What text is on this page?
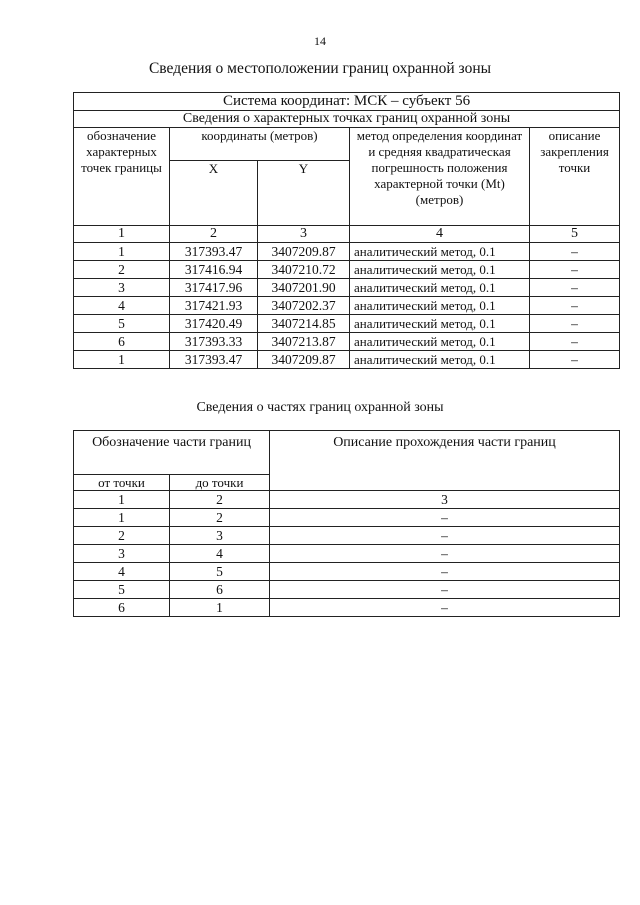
14
Сведения о местоположении границ охранной зоны
Система координат: МСК – субъект 56				
Сведения о характерных точках границ охранной зоны				
обозначение характерных точек границы	координаты (метров)		метод определения координат и средняя квадратическая погрешность положения характерной точки (Mt) (метров)	описание закрепления точки
	X	Y		
1	2	3	4	5
1	317393.47	3407209.87	аналитический метод, 0.1	–
2	317416.94	3407210.72	аналитический метод, 0.1	–
3	317417.96	3407201.90	аналитический метод, 0.1	–
4	317421.93	3407202.37	аналитический метод, 0.1	–
5	317420.49	3407214.85	аналитический метод, 0.1	–
6	317393.33	3407213.87	аналитический метод, 0.1	–
1	317393.47	3407209.87	аналитический метод, 0.1	–
Сведения о частях границ охранной зоны
Обозначение части границ		Описание прохождения части границ
от точки	до точки	
1	2	3
1	2	–
2	3	–
3	4	–
4	5	–
5	6	–
6	1	–
